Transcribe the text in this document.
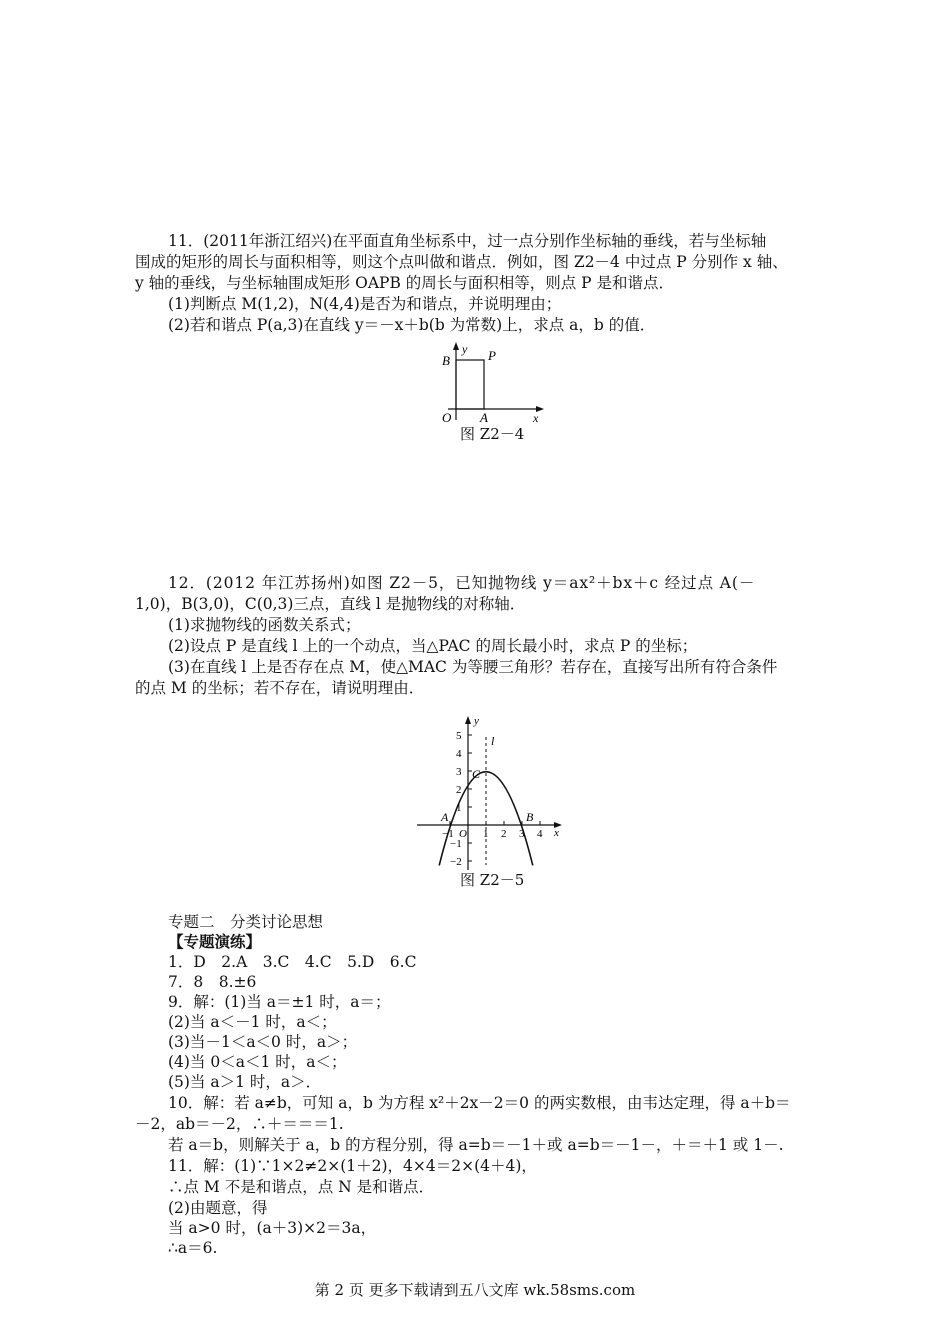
11．(2011年浙江绍兴)在平面直角坐标系中，过一点分别作坐标轴的垂线，若与坐标轴
围成的矩形的周长与面积相等，则这个点叫做和谐点．例如，图 Z2－4 中过点 P 分别作 x 轴、
y 轴的垂线，与坐标轴围成矩形 OAPB 的周长与面积相等，则点 P 是和谐点．
(1)判断点 M(1,2)，N(4,4)是否为和谐点，并说明理由；
(2)若和谐点 P(a,3)在直线 y＝－x＋b(b 为常数)上，求点 a，b 的值．
B	P
O A	x
y
图 Z2－4
12．(2012 年江苏扬州)如图 Z2－5，已知抛物线 y＝ax²＋bx＋c 经过点 A(－
1,0)，B(3,0)，C(0,3)三点，直线 l 是抛物线的对称轴．
(1)求抛物线的函数关系式；
(2)设点 P 是直线 l 上的一个动点，当△PAC 的周长最小时，求点 P 的坐标；
(3)在直线 l 上是否存在点 M，使△MAC 为等腰三角形？若存在，直接写出所有符合条件
的点 M 的坐标；若不存在，请说明理由．
5
4
3
2
1
−1
−2
−1	1 2 3 4
O
A	B
C
l
x
y
图 Z2－5
专题二　分类讨论思想
【专题演练】
1．D　2.A　3.C　4.C　5.D　6.C
7．8　8.±6
9．解：(1)当 a＝±1 时，a＝；
(2)当 a＜－1 时，a＜；
(3)当－1＜a＜0 时，a＞；
(4)当 0＜a＜1 时，a＜；
(5)当 a＞1 时，a＞．
10．解：若 a≠b，可知 a，b 为方程 x²＋2x－2＝0 的两实数根，由韦达定理，得 a＋b＝
－2，ab＝－2，∴＋＝＝＝1.
若 a＝b，则解关于 a，b 的方程分别，得 a=b＝－1＋或 a=b＝－1－，＋＝＋1 或 1－.
11．解：(1)∵1×2≠2×(1＋2)，4×4＝2×(4＋4)，
∴点 M 不是和谐点，点 N 是和谐点．
(2)由题意，得
当 a>0 时，(a＋3)×2＝3a，
∴a＝6.
第 2 页 更多下载请到五八文库 wk.58sms.com
